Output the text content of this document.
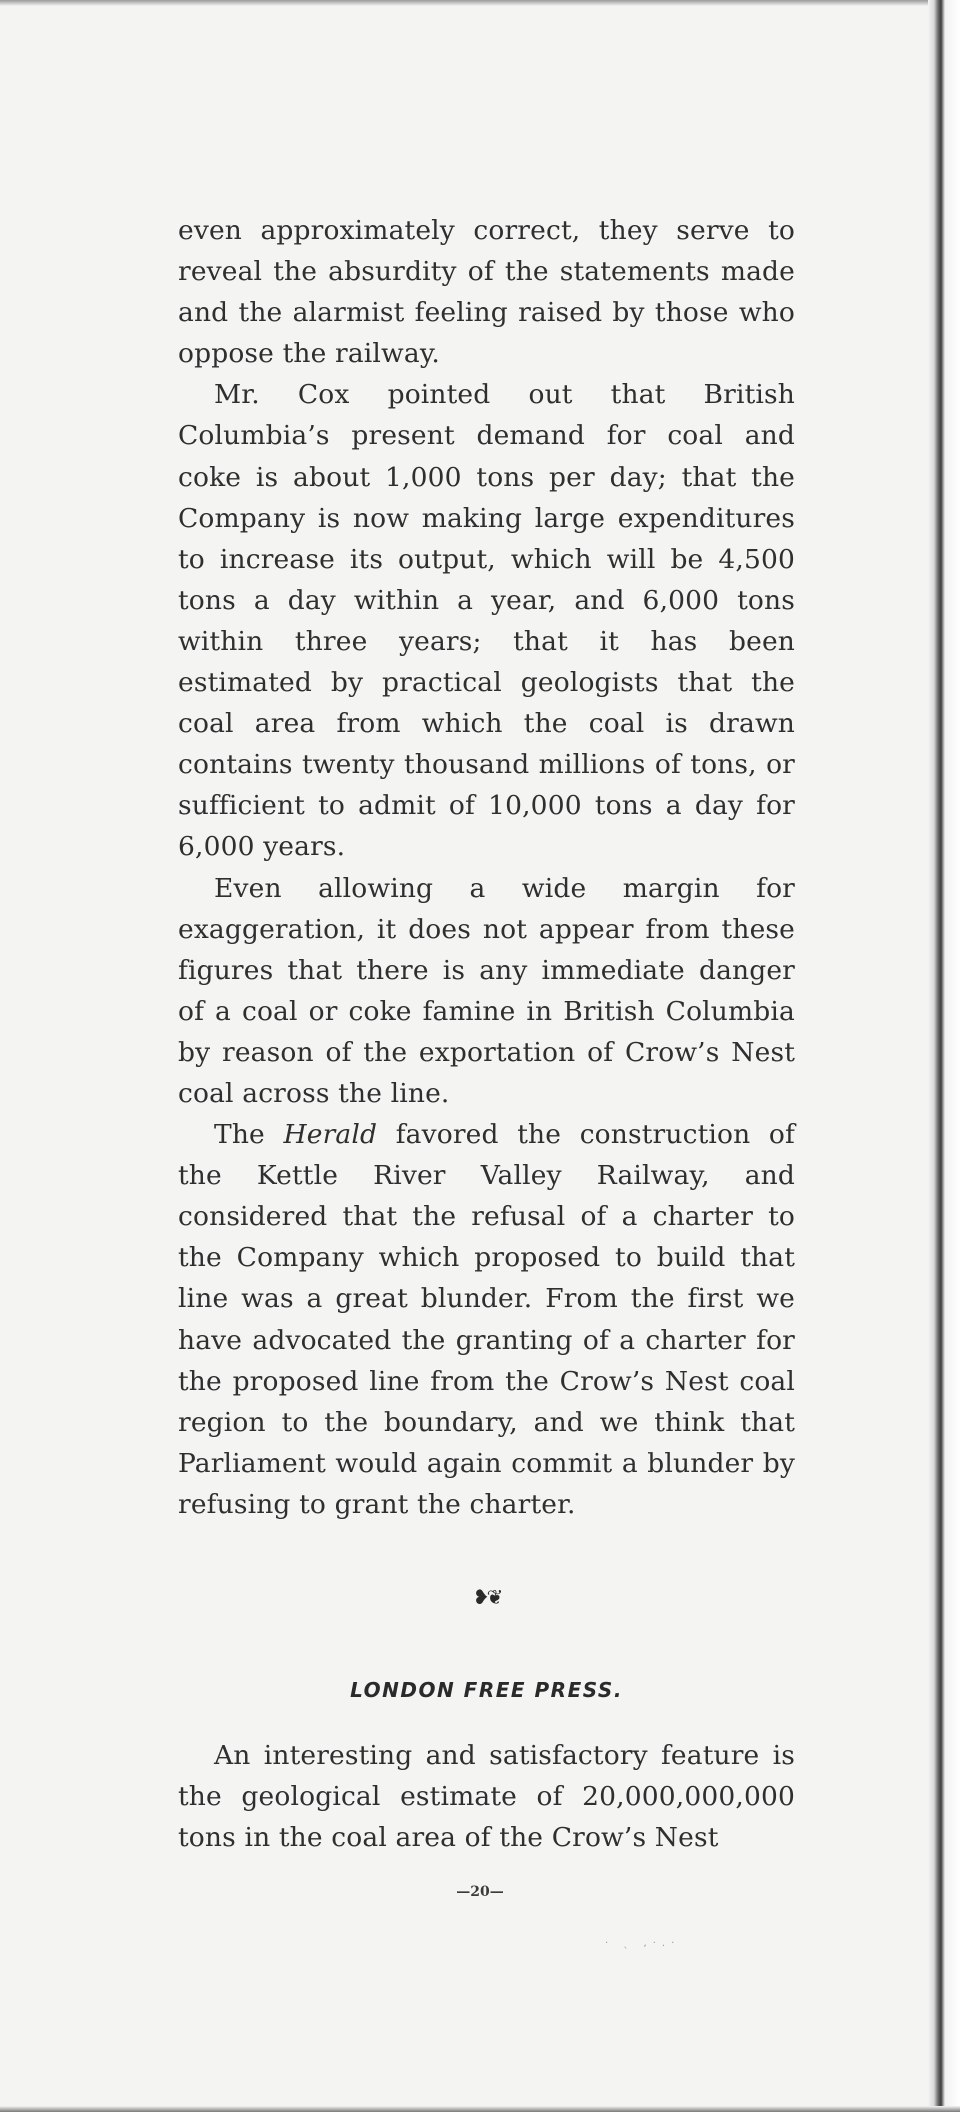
even approximately correct, they serve to reveal the absurdity of the statements made and the alarmist feeling raised by those who oppose the railway.

Mr. Cox pointed out that British Columbia’s present demand for coal and coke is about 1,000 tons per day; that the Company is now making large expenditures to increase its output, which will be 4,500 tons a day within a year, and 6,000 tons within three years; that it has been estimated by practical geologists that the coal area from which the coal is drawn contains twenty thousand millions of tons, or sufficient to admit of 10,000 tons a day for 6,000 years.

Even allowing a wide margin for exaggeration, it does not appear from these figures that there is any immediate danger of a coal or coke famine in British Columbia by reason of the exportation of Crow’s Nest coal across the line.

The Herald favored the construction of the Kettle River Valley Railway, and considered that the refusal of a charter to the Company which proposed to build that line was a great blunder. From the first we have advocated the granting of a charter for the proposed line from the Crow’s Nest coal region to the boundary, and we think that Parliament would again commit a blunder by refusing to grant the charter.

❥❦
LONDON FREE PRESS.

An interesting and satisfactory feature is the geological estimate of 20,000,000,000 tons in the coal area of the Crow’s Nest

—20—
· ˎ ,·.·
